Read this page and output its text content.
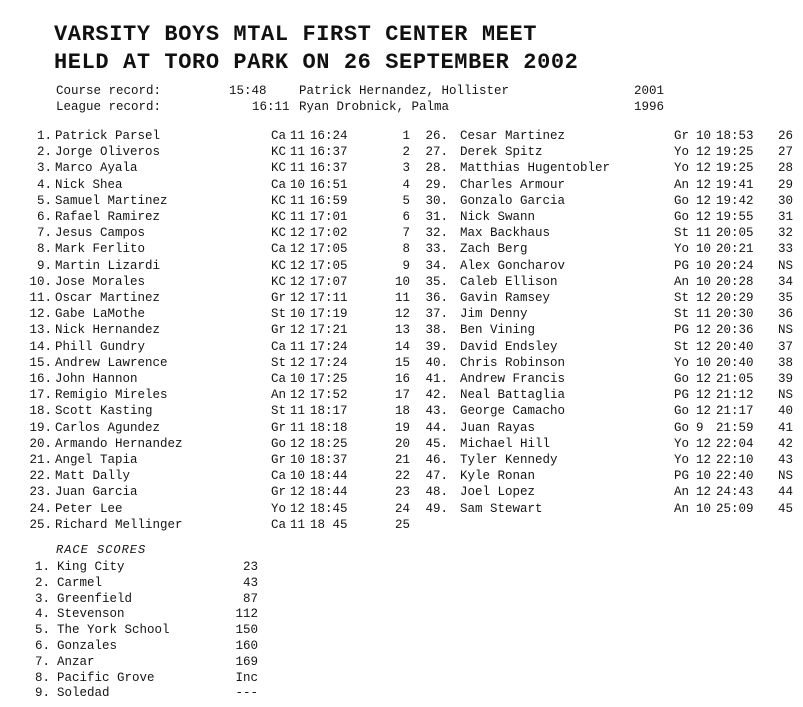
VARSITY BOYS MTAL FIRST CENTER MEET
HELD AT TORO PARK ON 26 SEPTEMBER 2002
Course record:	15:48	Patrick Hernandez, Hollister	2001
League record:	16:11 Ryan Drobnick, Palma	1996
1. Patrick Parsel	Ca 11 16:24	1
2. Jorge Oliveros	KC 11 16:37	2
3. Marco Ayala	KC 11 16:37	3
4. Nick Shea	Ca 10 16:51	4
5. Samuel Martinez	KC 11 16:59	5
6. Rafael Ramirez	KC 11 17:01	6
7. Jesus Campos	KC 12 17:02	7
8. Mark Ferlito	Ca 12 17:05	8
9. Martin Lizardi	KC 12 17:05	9
10. Jose Morales	KC 12 17:07	10
11. Oscar Martinez	Gr 12 17:11	11
12. Gabe LaMothe	St 10 17:19	12
13. Nick Hernandez	Gr 12 17:21	13
14. Phill Gundry	Ca 11 17:24	14
15. Andrew Lawrence	St 12 17:24	15
16. John Hannon	Ca 10 17:25	16
17. Remigio Mireles	An 12 17:52	17
18. Scott Kasting	St 11 18:17	18
19. Carlos Agundez	Gr 11 18:18	19
20. Armando Hernandez	Go 12 18:25	20
21. Angel Tapia	Gr 10 18:37	21
22. Matt Dally	Ca 10 18:44	22
23. Juan Garcia	Gr 12 18:44	23
24. Peter Lee	Yo 12 18:45	24
25. Richard Mellinger	Ca 11 18 45	25
26. Cesar Martinez	Gr 10 18:53 26
27. Derek Spitz	Yo 12 19:25 27
28. Matthias Hugentobler	Yo 12 19:25 28
29. Charles Armour	An 12 19:41 29
30. Gonzalo Garcia	Go 12 19:42 30
31. Nick Swann	Go 12 19:55 31
32. Max Backhaus	St 11 20:05 32
33. Zach Berg	Yo 10 20:21 33
34. Alex Goncharov	PG 10 20:24 NS
35. Caleb Ellison	An 10 20:28 34
36. Gavin Ramsey	St 12 20:29 35
37. Jim Denny	St 11 20:30 36
38. Ben Vining	PG 12 20:36 NS
39. David Endsley	St 12 20:40 37
40. Chris Robinson	Yo 10 20:40 38
41. Andrew Francis	Go 12 21:05 39
42. Neal Battaglia	PG 12 21:12 NS
43. George Camacho	Go 12 21:17 40
44. Juan Rayas	Go 9 21:59 41
45. Michael Hill	Yo 12 22:04 42
46. Tyler Kennedy	Yo 12 22:10 43
47. Kyle Ronan	PG 10 22:40 NS
48. Joel Lopez	An 12 24:43 44
49. Sam Stewart	An 10 25:09 45
RACE SCORES
1. King City	23
2. Carmel	43
3. Greenfield	87
4. Stevenson	112
5. The York School	150
6. Gonzales	160
7. Anzar	169
8. Pacific Grove	Inc
9. Soledad	---
